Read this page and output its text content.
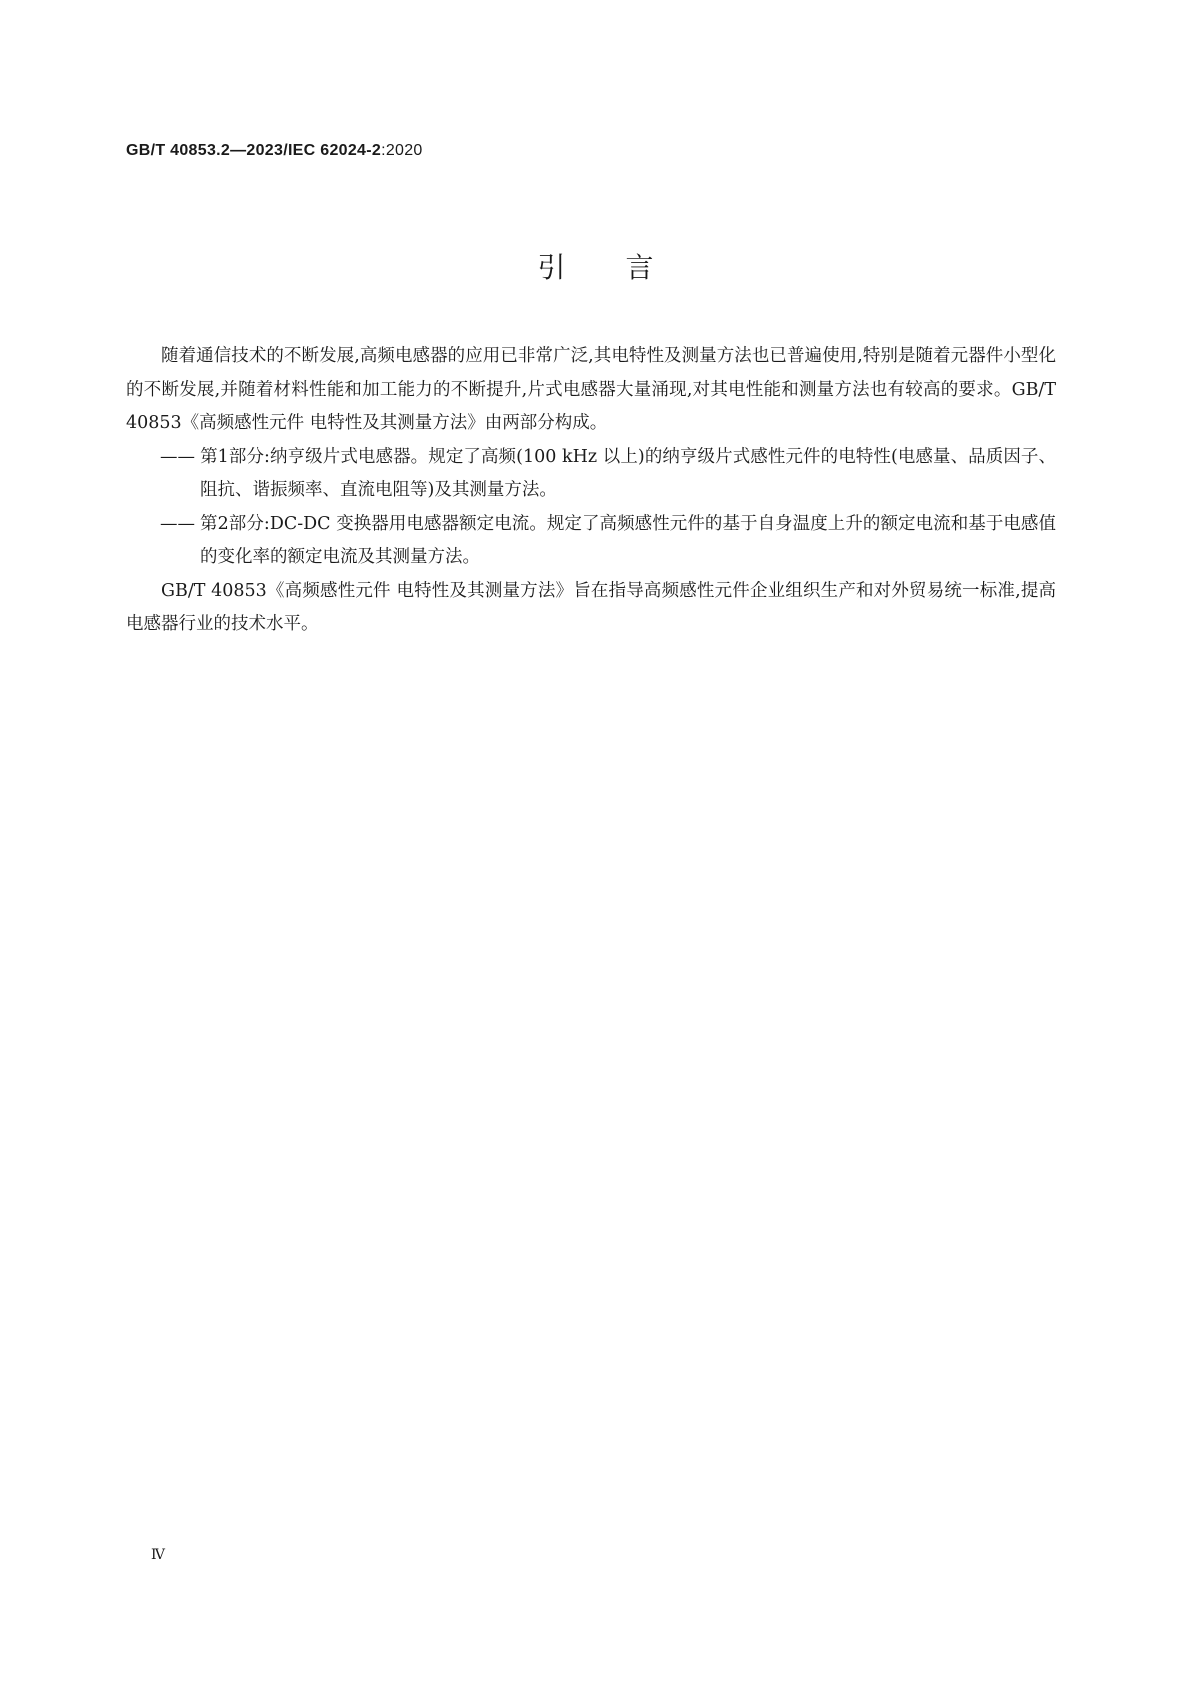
GB/T 40853.2—2023/IEC 62024-2:2020
引言

随着通信技术的不断发展,高频电感器的应用已非常广泛,其电特性及测量方法也已普遍使用,特别是随着元器件小型化的不断发展,并随着材料性能和加工能力的不断提升,片式电感器大量涌现,对其电性能和测量方法也有较高的要求。GB/T 40853《高频感性元件 电特性及其测量方法》由两部分构成。

—— 第1部分:纳亨级片式电感器。规定了高频(100 kHz 以上)的纳亨级片式感性元件的电特性(电感量、品质因子、阻抗、谐振频率、直流电阻等)及其测量方法。

—— 第2部分:DC-DC 变换器用电感器额定电流。规定了高频感性元件的基于自身温度上升的额定电流和基于电感值的变化率的额定电流及其测量方法。

GB/T 40853《高频感性元件 电特性及其测量方法》旨在指导高频感性元件企业组织生产和对外贸易统一标准,提高电感器行业的技术水平。

Ⅳ
